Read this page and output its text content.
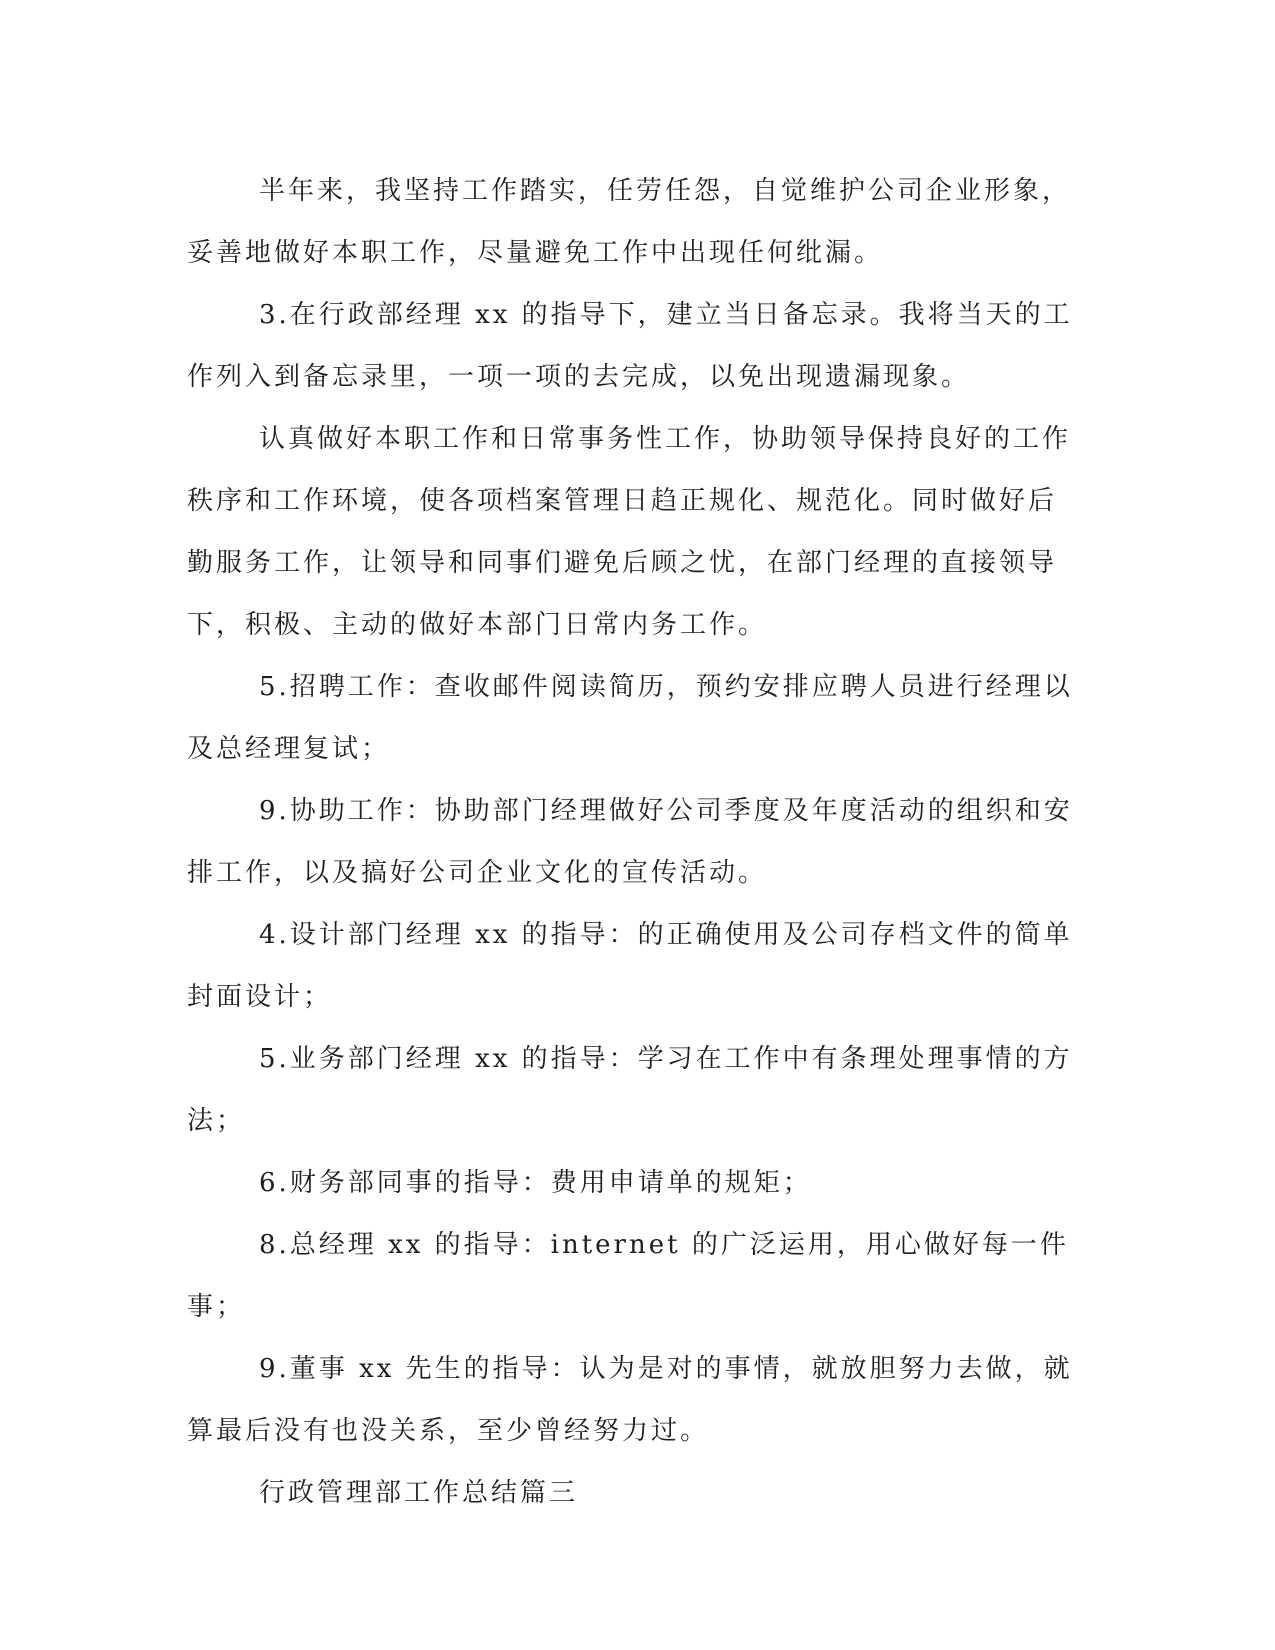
半年来，我坚持工作踏实，任劳任怨，自觉维护公司企业形象，妥善地做好本职工作，尽量避免工作中出现任何纰漏。

3.在行政部经理 xx 的指导下，建立当日备忘录。我将当天的工作列入到备忘录里，一项一项的去完成，以免出现遗漏现象。

认真做好本职工作和日常事务性工作，协助领导保持良好的工作秩序和工作环境，使各项档案管理日趋正规化、规范化。同时做好后勤服务工作，让领导和同事们避免后顾之忧，在部门经理的直接领导下，积极、主动的做好本部门日常内务工作。

5.招聘工作：查收邮件阅读简历，预约安排应聘人员进行经理以及总经理复试；

9.协助工作：协助部门经理做好公司季度及年度活动的组织和安排工作，以及搞好公司企业文化的宣传活动。

4.设计部门经理 xx 的指导：的正确使用及公司存档文件的简单封面设计；

5.业务部门经理 xx 的指导：学习在工作中有条理处理事情的方法；

6.财务部同事的指导：费用申请单的规矩；

8.总经理 xx 的指导：internet 的广泛运用，用心做好每一件事；

9.董事 xx 先生的指导：认为是对的事情，就放胆努力去做，就算最后没有也没关系，至少曾经努力过。

行政管理部工作总结篇三
